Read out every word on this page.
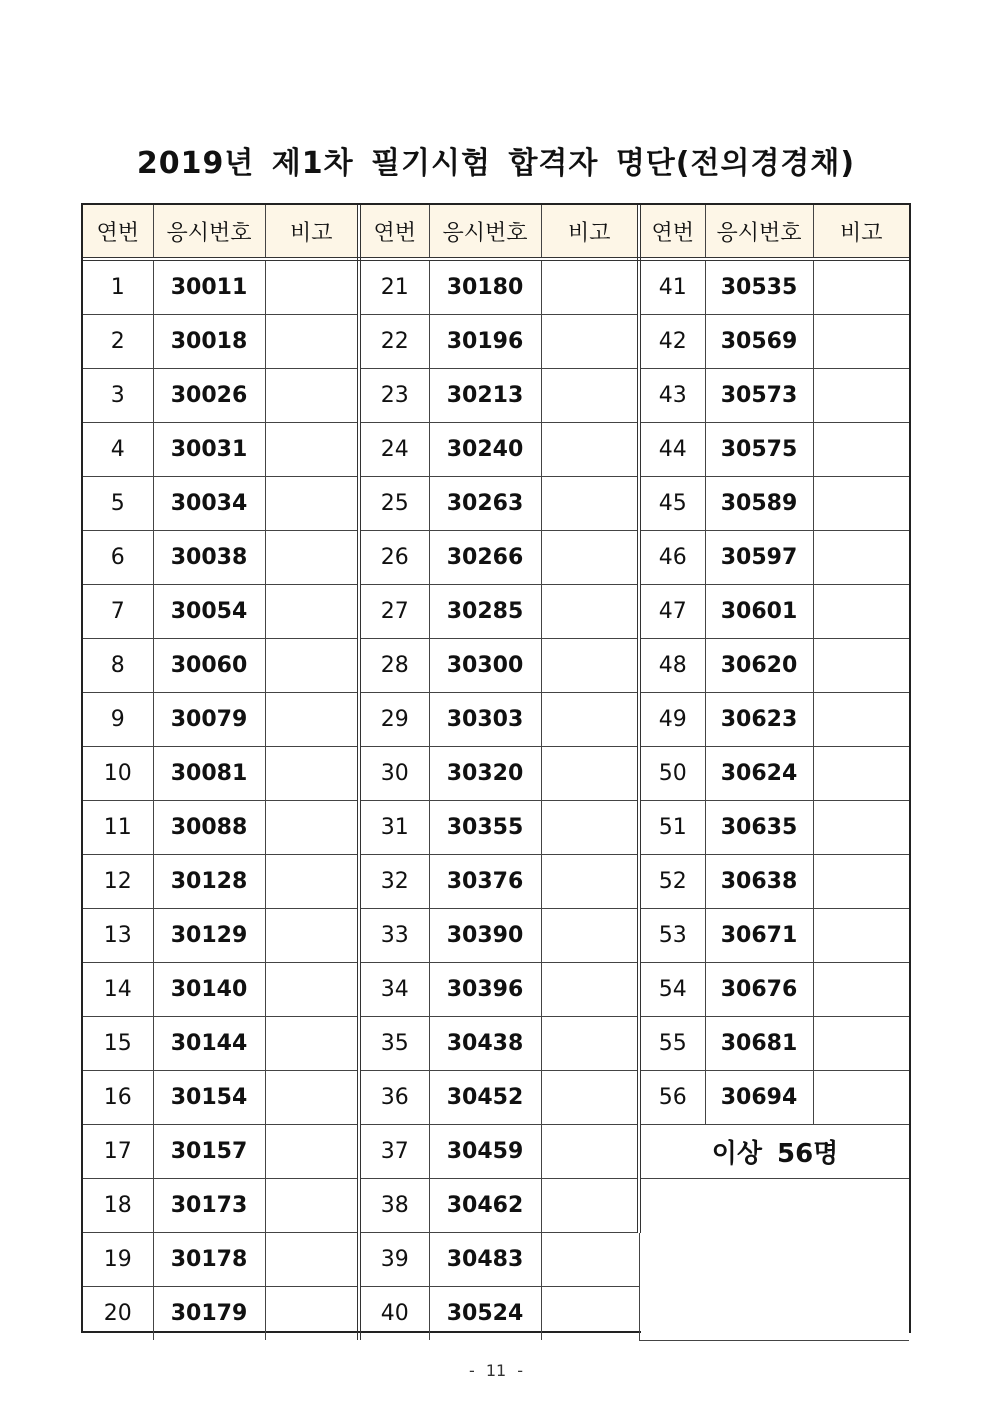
2019년 제1차 필기시험 합격자 명단(전의경경채)
연번	응시번호	비고	연번	응시번호	비고	연번	응시번호	비고
1	30011		21	30180		41	30535	
2	30018		22	30196		42	30569	
3	30026		23	30213		43	30573	
4	30031		24	30240		44	30575	
5	30034		25	30263		45	30589	
6	30038		26	30266		46	30597	
7	30054		27	30285		47	30601	
8	30060		28	30300		48	30620	
9	30079		29	30303		49	30623	
10	30081		30	30320		50	30624	
11	30088		31	30355		51	30635	
12	30128		32	30376		52	30638	
13	30129		33	30390		53	30671	
14	30140		34	30396		54	30676	
15	30144		35	30438		55	30681	
16	30154		36	30452		56	30694	
17	30157		37	30459		이상 56명		
18	30173		38	30462				
19	30178		39	30483				
20	30179		40	30524				
- 11 -
